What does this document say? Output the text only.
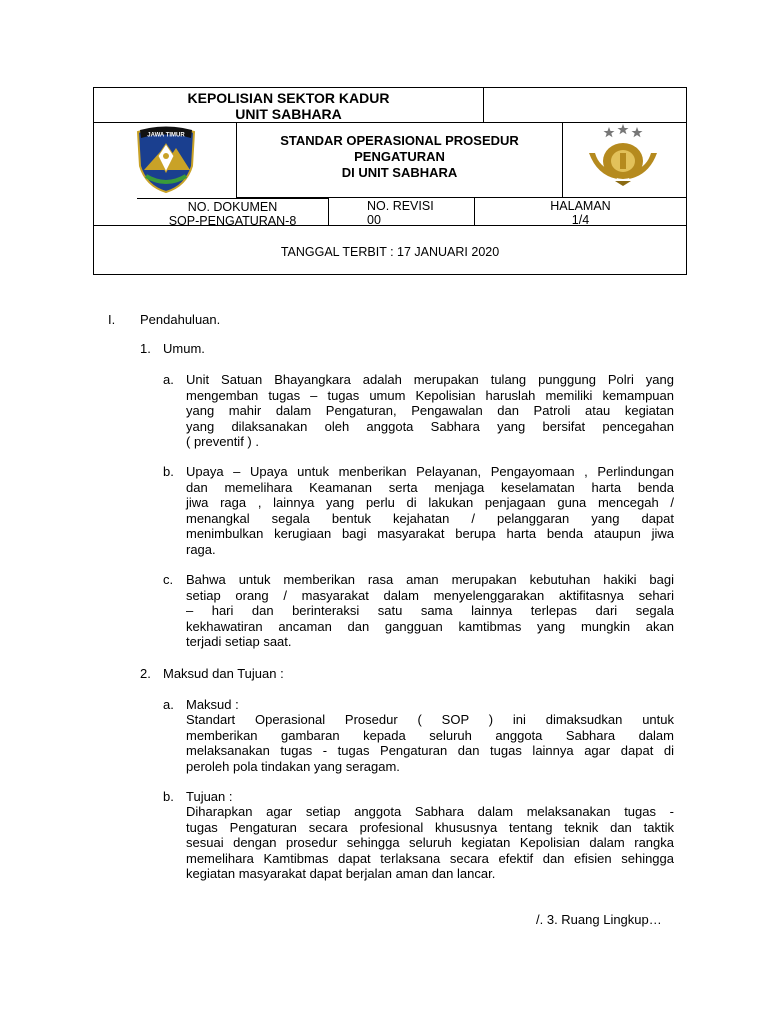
KEPOLISIAN SEKTOR KADUR
UNIT SABHARA
JAWA TIMUR	STANDAR OPERASIONAL PROSEDUR
PENGATURAN
DI UNIT SABHARA
NO. DOKUMEN
SOP-PENGATURAN-8
NO. REVISI
00
HALAMAN
1/4
TANGGAL TERBIT : 17 JANUARI 2020
I. Pendahuluan.
1. Umum.
a. Unit Satuan Bhayangkara adalah merupakan tulang punggung Polri yang
mengemban tugas – tugas umum Kepolisian haruslah memiliki kemampuan
yang mahir dalam Pengaturan, Pengawalan dan Patroli atau kegiatan
yang dilaksanakan oleh anggota Sabhara yang bersifat pencegahan
( preventif ) .
b. Upaya – Upaya untuk menberikan Pelayanan, Pengayomaan , Perlindungan
dan memelihara Keamanan serta menjaga keselamatan harta benda
jiwa raga , lainnya yang perlu di lakukan penjagaan guna mencegah /
menangkal segala bentuk kejahatan / pelanggaran yang dapat
menimbulkan kerugiaan bagi masyarakat berupa harta benda ataupun jiwa
raga.
c. Bahwa untuk memberikan rasa aman merupakan kebutuhan hakiki bagi
setiap orang / masyarakat dalam menyelenggarakan aktifitasnya sehari
– hari dan berinteraksi satu sama lainnya terlepas dari segala
kekhawatiran ancaman dan gangguan kamtibmas yang mungkin akan
terjadi setiap saat.
2. Maksud dan Tujuan :
a. Maksud :
Standart Operasional Prosedur ( SOP ) ini dimaksudkan untuk
memberikan gambaran kepada seluruh anggota Sabhara dalam
melaksanakan tugas - tugas Pengaturan dan tugas lainnya agar dapat di
peroleh pola tindakan yang seragam.
b. Tujuan :
Diharapkan agar setiap anggota Sabhara dalam melaksanakan tugas -
tugas Pengaturan secara profesional khususnya tentang teknik dan taktik
sesuai dengan prosedur sehingga seluruh kegiatan Kepolisian dalam rangka
memelihara Kamtibmas dapat terlaksana secara efektif dan efisien sehingga
kegiatan masyarakat dapat berjalan aman dan lancar.
/. 3. Ruang Lingkup…
